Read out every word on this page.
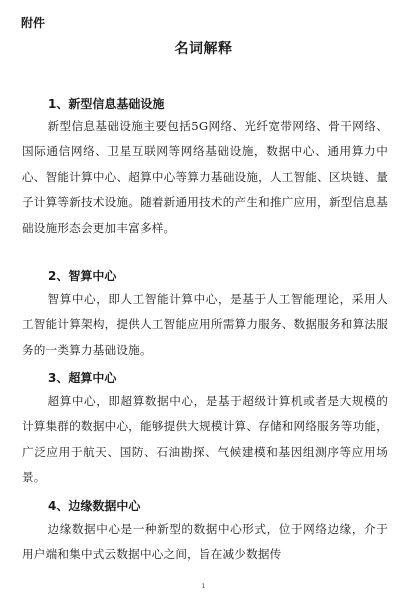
附件
名词解释
1、新型信息基础设施
新型信息基础设施主要包括5G网络、光纤宽带网络、骨干网络、国际通信网络、卫星互联网等网络基础设施，数据中心、通用算力中心、智能计算中心、超算中心等算力基础设施，人工智能、区块链、量子计算等新技术设施。随着新通用技术的产生和推广应用，新型信息基础设施形态会更加丰富多样。
2、智算中心
智算中心，即人工智能计算中心，是基于人工智能理论，采用人工智能计算架构，提供人工智能应用所需算力服务、数据服务和算法服务的一类算力基础设施。
3、超算中心
超算中心，即超算数据中心，是基于超级计算机或者是大规模的计算集群的数据中心，能够提供大规模计算、存储和网络服务等功能，广泛应用于航天、国防、石油勘探、气候建模和基因组测序等应用场景。
4、边缘数据中心
边缘数据中心是一种新型的数据中心形式，位于网络边缘，介于用户端和集中式云数据中心之间，旨在减少数据传
1
